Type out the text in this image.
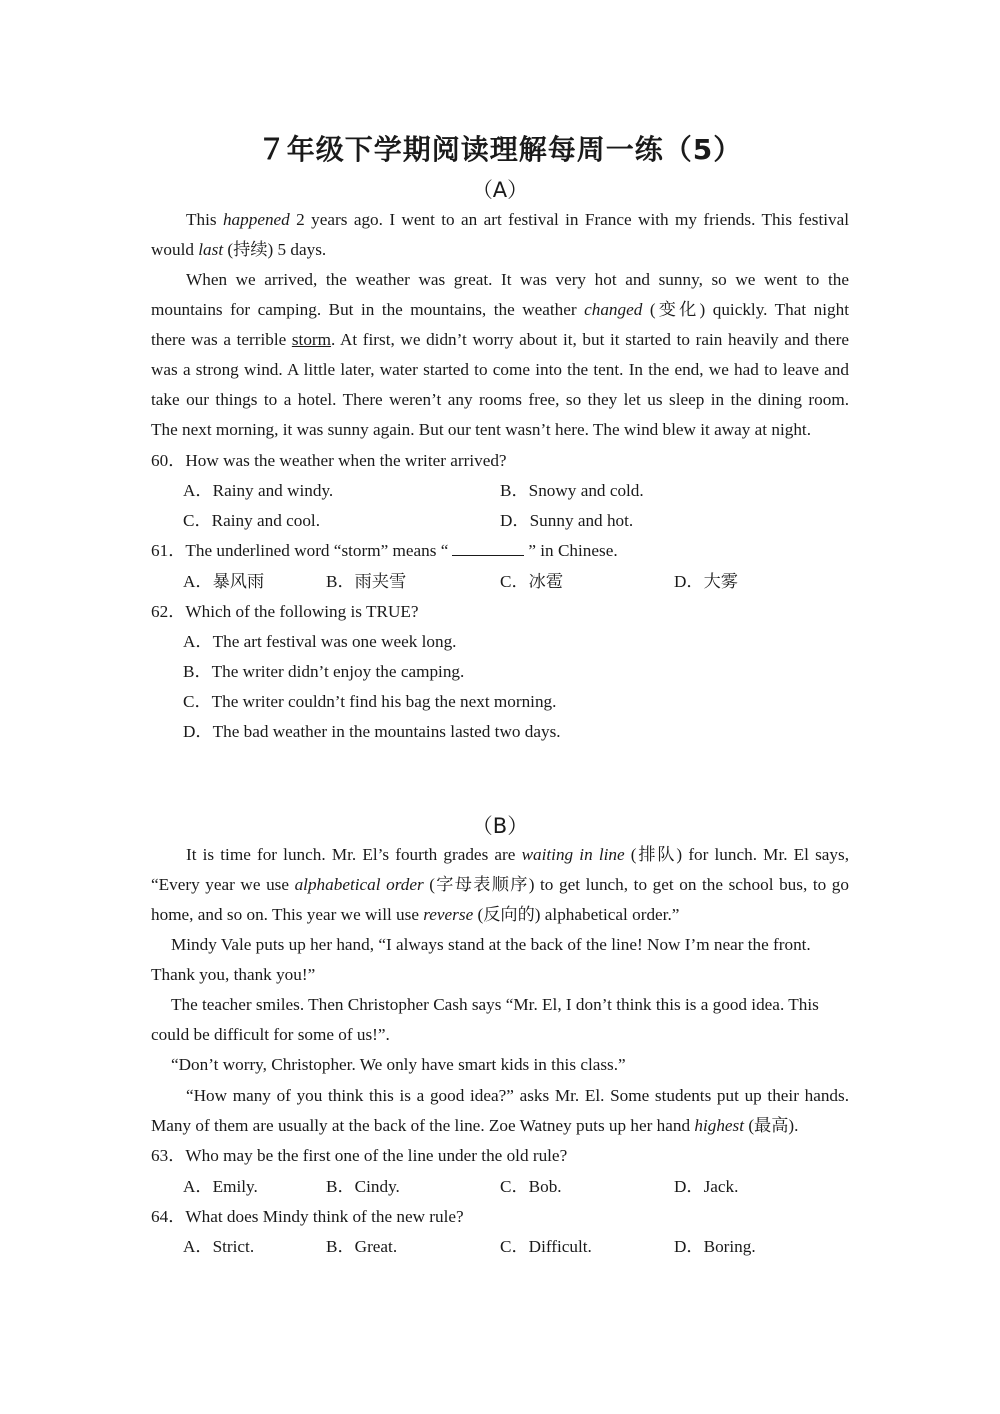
７年级下学期阅读理解每周一练（5）
（A）
This happened 2 years ago. I went to an art festival in France with my friends. This festival
would last (持续) 5 days.
When we arrived, the weather was great. It was very hot and sunny, so we went to the
mountains for camping. But in the mountains, the weather changed (变化) quickly. That night
there was a terrible storm. At first, we didn’t worry about it, but it started to rain heavily and there
was a strong wind. A little later, water started to come into the tent. In the end, we had to leave and
take our things to a hotel. There weren’t any rooms free, so they let us sleep in the dining room.
The next morning, it was sunny again. But our tent wasn’t here. The wind blew it away at night.
60．How was the weather when the writer arrived?
A．Rainy and windy.	B．Snowy and cold.
C．Rainy and cool.	D．Sunny and hot.
61．The underlined word “storm” means “	” in Chinese.
A．暴风雨	B．雨夹雪	C．冰雹	D．大雾
62．Which of the following is TRUE?
A．The art festival was one week long.
B．The writer didn’t enjoy the camping.
C．The writer couldn’t find his bag the next morning.
D．The bad weather in the mountains lasted two days.
（B）
It is time for lunch. Mr. El’s fourth grades are waiting in line (排队) for lunch. Mr. El says,
“Every year we use alphabetical order (字母表顺序) to get lunch, to get on the school bus, to go
home, and so on. This year we will use reverse (反向的) alphabetical order.”
Mindy Vale puts up her hand, “I always stand at the back of the line! Now I’m near the front.
Thank you, thank you!”
The teacher smiles. Then Christopher Cash says “Mr. El, I don’t think this is a good idea. This
could be difficult for some of us!”.
“Don’t worry, Christopher. We only have smart kids in this class.”
“How many of you think this is a good idea?” asks Mr. El. Some students put up their hands.
Many of them are usually at the back of the line. Zoe Watney puts up her hand highest (最高).
63．Who may be the first one of the line under the old rule?
A．Emily.	B．Cindy.	C．Bob.	D．Jack.
64．What does Mindy think of the new rule?
A．Strict.	B．Great.	C．Difficult.	D．Boring.
